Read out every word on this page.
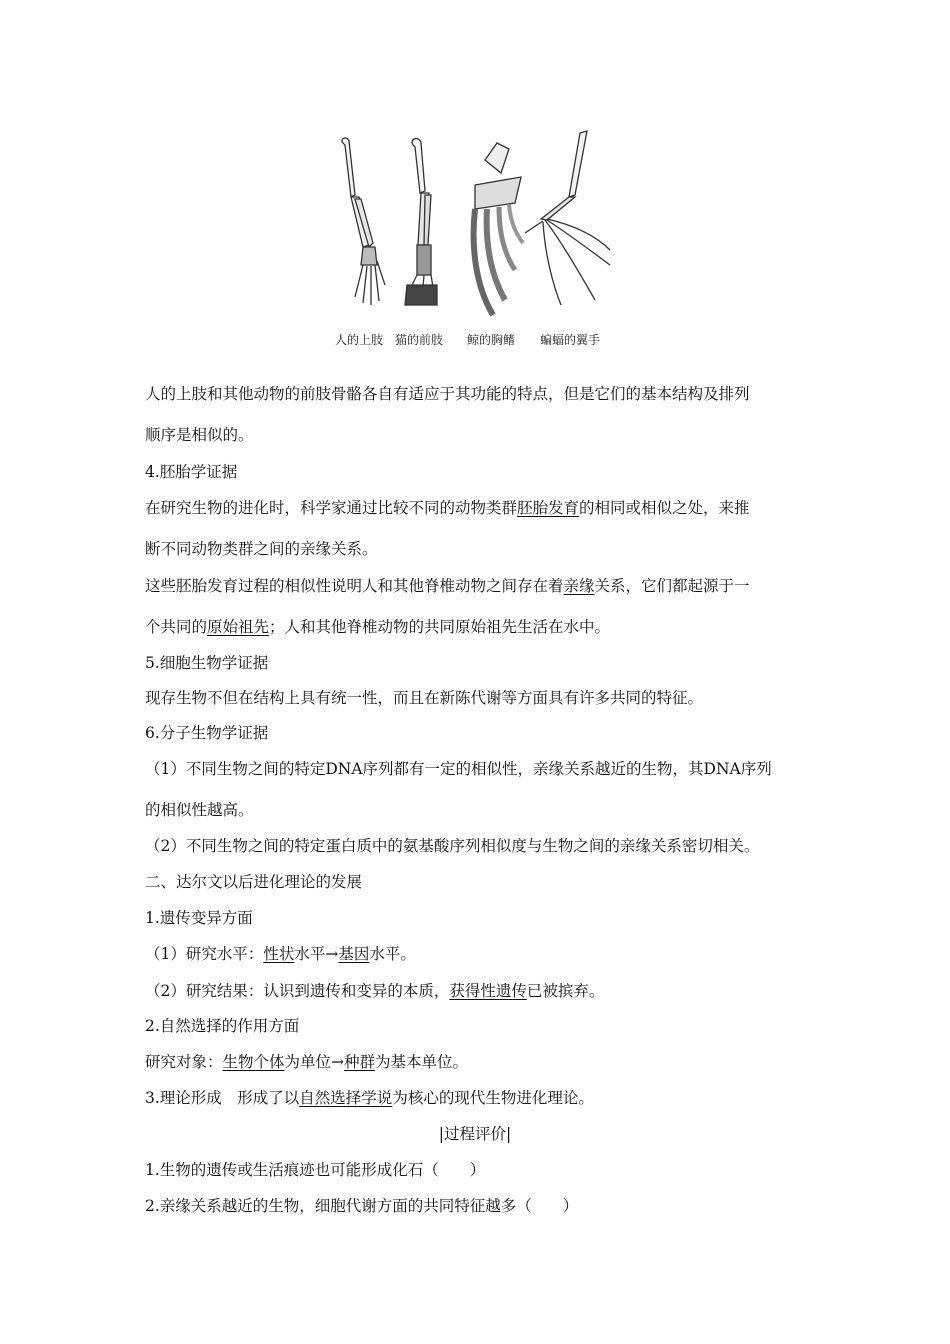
人的上肢 猫的前肢 鲸的胸鳍 蝙蝠的翼手
人的上肢和其他动物的前肢骨骼各自有适应于其功能的特点，但是它们的基本结构及排列
顺序是相似的。
4.胚胎学证据
在研究生物的进化时，科学家通过比较不同的动物类群胚胎发育的相同或相似之处，来推
断不同动物类群之间的亲缘关系。
这些胚胎发育过程的相似性说明人和其他脊椎动物之间存在着亲缘关系，它们都起源于一
个共同的原始祖先；人和其他脊椎动物的共同原始祖先生活在水中。
5.细胞生物学证据
现存生物不但在结构上具有统一性，而且在新陈代谢等方面具有许多共同的特征。
6.分子生物学证据
（1）不同生物之间的特定DNA序列都有一定的相似性，亲缘关系越近的生物，其DNA序列
的相似性越高。
（2）不同生物之间的特定蛋白质中的氨基酸序列相似度与生物之间的亲缘关系密切相关。
二、达尔文以后进化理论的发展
1.遗传变异方面
（1）研究水平：性状水平→基因水平。
（2）研究结果：认识到遗传和变异的本质，获得性遗传已被摈弃。
2.自然选择的作用方面
研究对象：生物个体为单位→种群为基本单位。
3.理论形成　形成了以自然选择学说为核心的现代生物进化理论。
|过程评价|
1.生物的遗传或生活痕迹也可能形成化石（　　）
2.亲缘关系越近的生物，细胞代谢方面的共同特征越多（　　）
